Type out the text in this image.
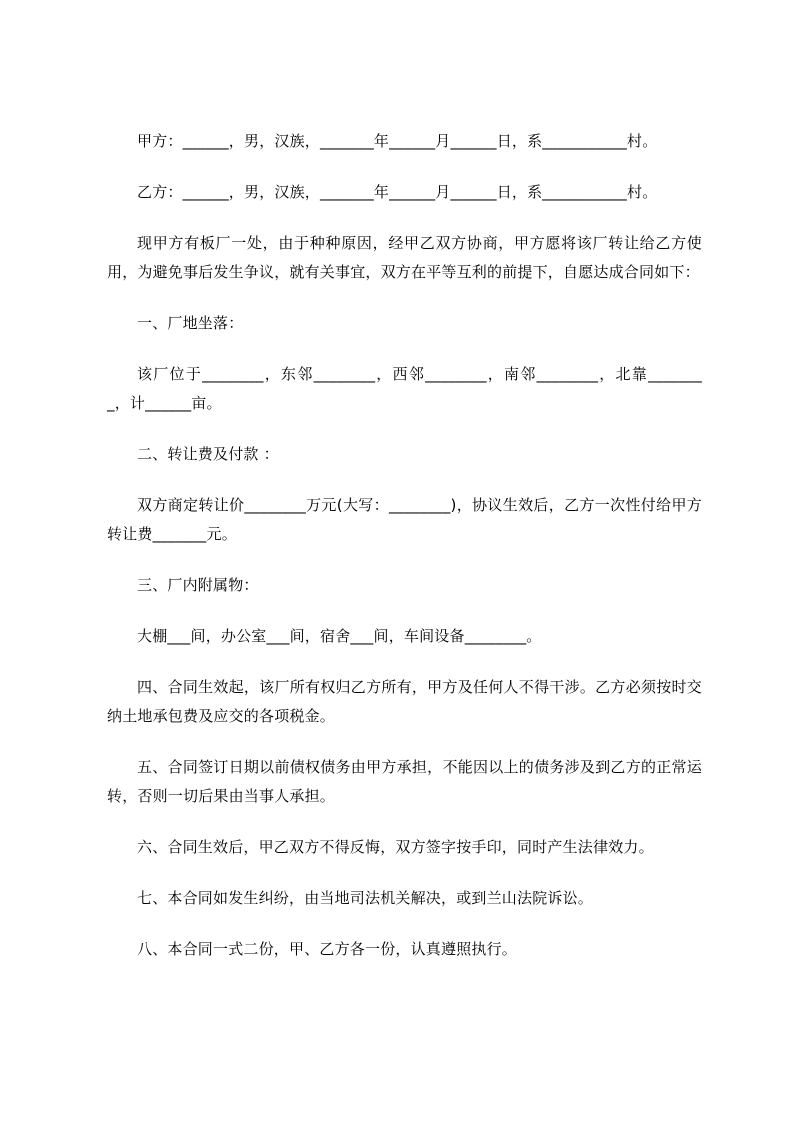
甲方：______，男，汉族，_______年______月______日，系___________村。

乙方：______，男，汉族，_______年______月______日，系___________村。

现甲方有板厂一处，由于种种原因，经甲乙双方协商，甲方愿将该厂转让给乙方使用，为避免事后发生争议，就有关事宜，双方在平等互利的前提下，自愿达成合同如下：

一、厂地坐落：

该厂位于________，东邻________，西邻________，南邻________，北靠________，计______亩。

二、转让费及付款 ：

双方商定转让价________万元(大写：________)，协议生效后，乙方一次性付给甲方转让费_______元。

三、厂内附属物：

大棚___间，办公室___间，宿舍___间，车间设备________。

四、合同生效起，该厂所有权归乙方所有，甲方及任何人不得干涉。乙方必须按时交纳土地承包费及应交的各项税金。

五、合同签订日期以前债权债务由甲方承担，不能因以上的债务涉及到乙方的正常运转，否则一切后果由当事人承担。

六、合同生效后，甲乙双方不得反悔，双方签字按手印，同时产生法律效力。

七、本合同如发生纠纷，由当地司法机关解决，或到兰山法院诉讼。

八、本合同一式二份，甲、乙方各一份，认真遵照执行。
